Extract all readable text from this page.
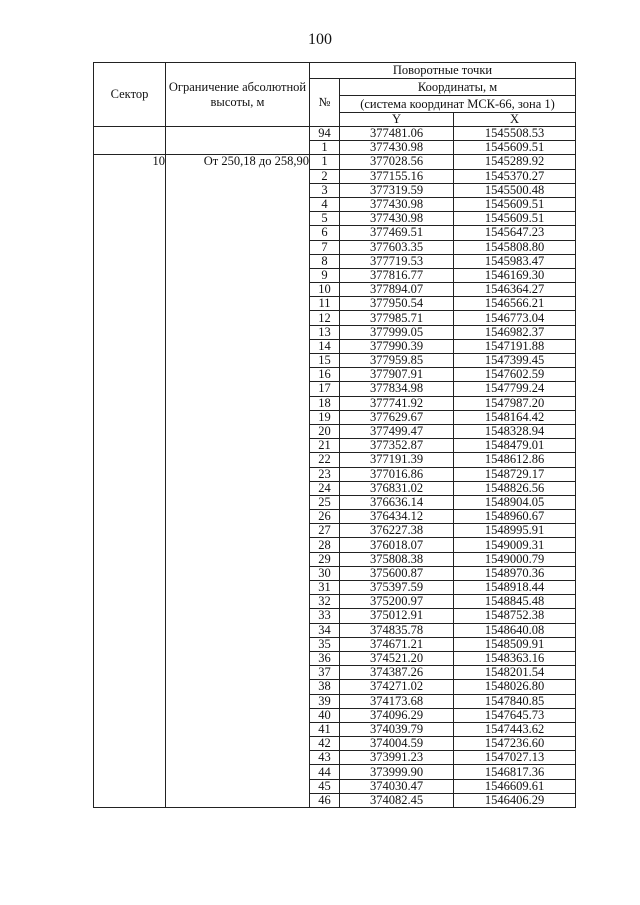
100
Сектор	Ограничение абсолютной высоты, м	Поворотные точки		
		№	Координаты, м	
			(система координат МСК-66, зона 1)	
			Y	X
		94	377481.06	1545508.53
		1	377430.98	1545609.51
10	От 250,18 до 258,90	1	377028.56	1545289.92
		2	377155.16	1545370.27
		3	377319.59	1545500.48
		4	377430.98	1545609.51
		5	377430.98	1545609.51
		6	377469.51	1545647.23
		7	377603.35	1545808.80
		8	377719.53	1545983.47
		9	377816.77	1546169.30
		10	377894.07	1546364.27
		11	377950.54	1546566.21
		12	377985.71	1546773.04
		13	377999.05	1546982.37
		14	377990.39	1547191.88
		15	377959.85	1547399.45
		16	377907.91	1547602.59
		17	377834.98	1547799.24
		18	377741.92	1547987.20
		19	377629.67	1548164.42
		20	377499.47	1548328.94
		21	377352.87	1548479.01
		22	377191.39	1548612.86
		23	377016.86	1548729.17
		24	376831.02	1548826.56
		25	376636.14	1548904.05
		26	376434.12	1548960.67
		27	376227.38	1548995.91
		28	376018.07	1549009.31
		29	375808.38	1549000.79
		30	375600.87	1548970.36
		31	375397.59	1548918.44
		32	375200.97	1548845.48
		33	375012.91	1548752.38
		34	374835.78	1548640.08
		35	374671.21	1548509.91
		36	374521.20	1548363.16
		37	374387.26	1548201.54
		38	374271.02	1548026.80
		39	374173.68	1547840.85
		40	374096.29	1547645.73
		41	374039.79	1547443.62
		42	374004.59	1547236.60
		43	373991.23	1547027.13
		44	373999.90	1546817.36
		45	374030.47	1546609.61
		46	374082.45	1546406.29
